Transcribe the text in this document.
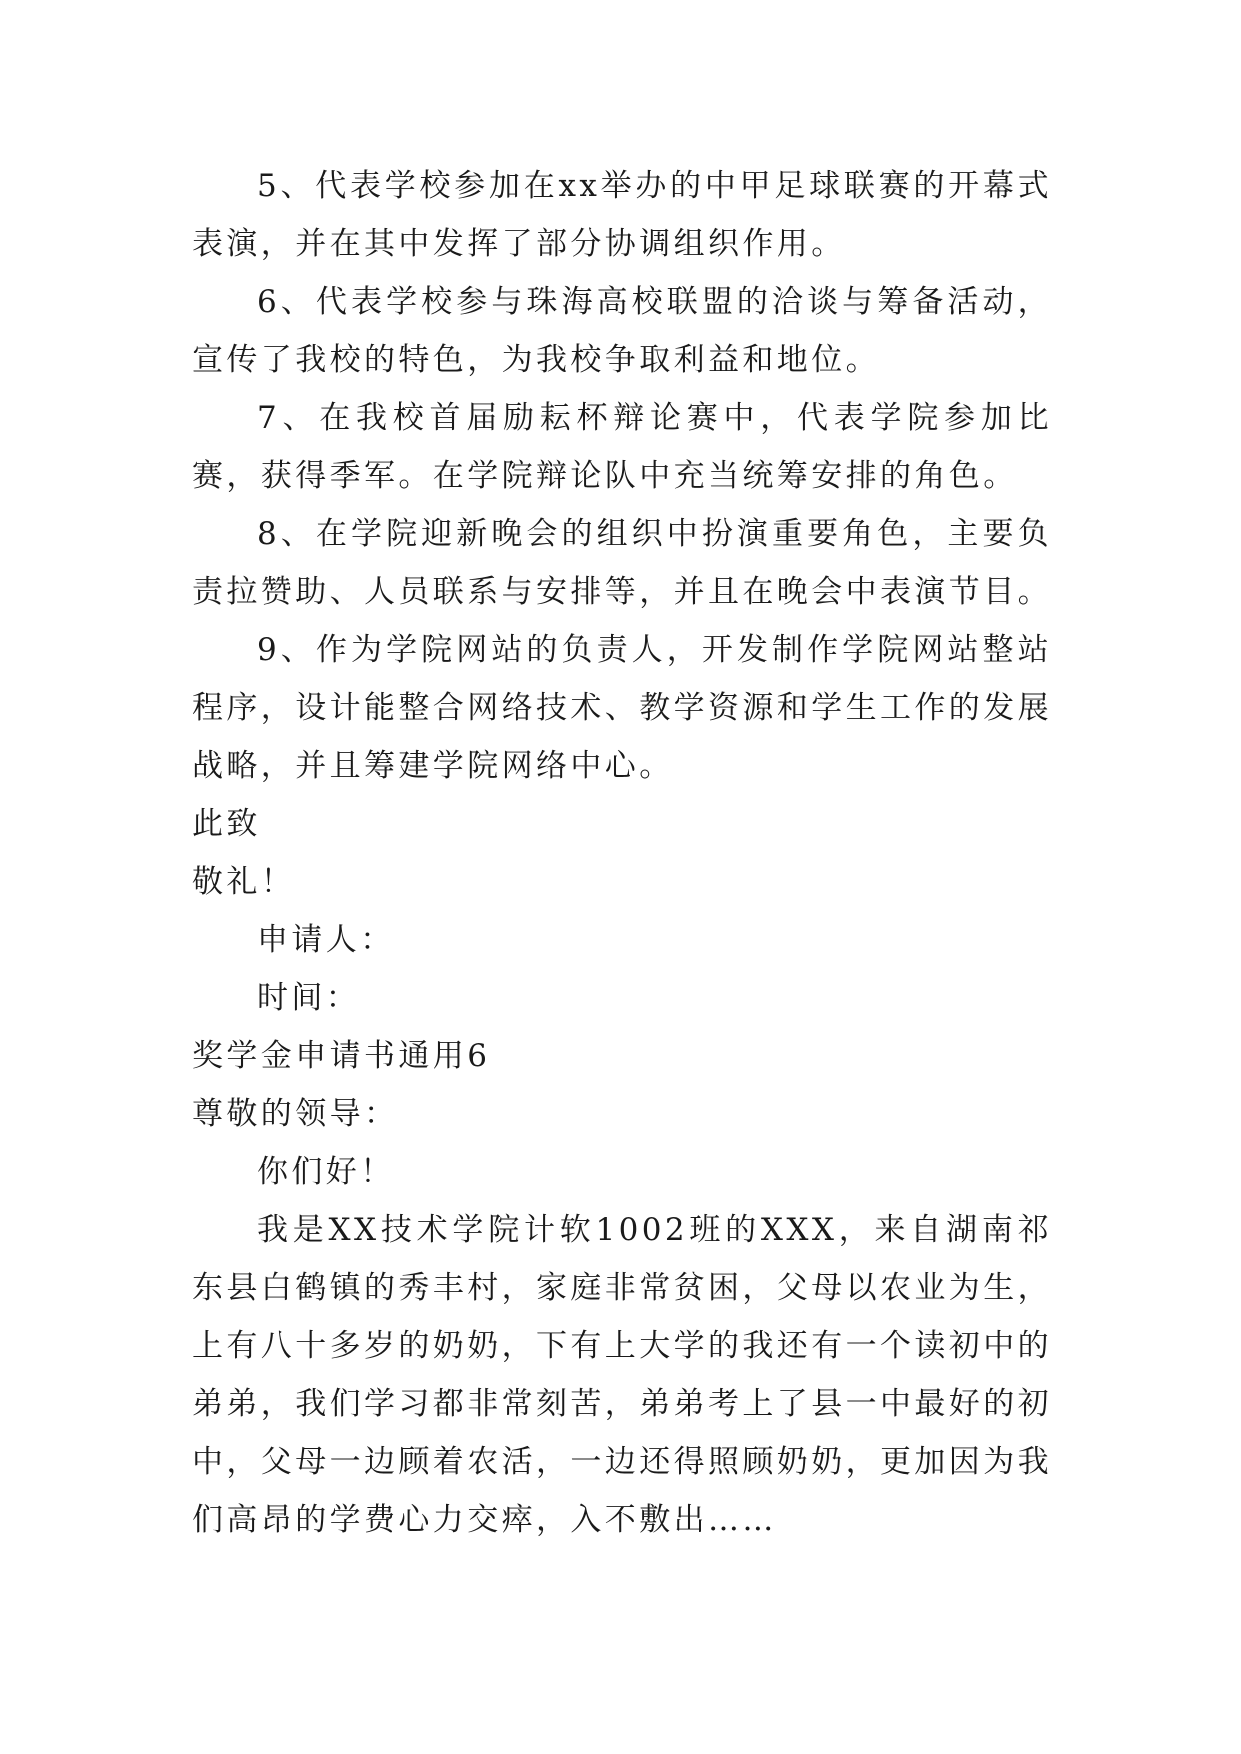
5、代表学校参加在xx举办的中甲足球联赛的开幕式表演，并在其中发挥了部分协调组织作用。

6、代表学校参与珠海高校联盟的洽谈与筹备活动，宣传了我校的特色，为我校争取利益和地位。

7、在我校首届励耘杯辩论赛中，代表学院参加比赛，获得季军。在学院辩论队中充当统筹安排的角色。

8、在学院迎新晚会的组织中扮演重要角色，主要负责拉赞助、人员联系与安排等，并且在晚会中表演节目。

9、作为学院网站的负责人，开发制作学院网站整站程序，设计能整合网络技术、教学资源和学生工作的发展战略，并且筹建学院网络中心。

此致

敬礼！

申请人：

时间：

奖学金申请书通用6

尊敬的领导：

你们好！

我是XX技术学院计软1002班的XXX，来自湖南祁东县白鹤镇的秀丰村，家庭非常贫困，父母以农业为生，上有八十多岁的奶奶，下有上大学的我还有一个读初中的弟弟，我们学习都非常刻苦，弟弟考上了县一中最好的初中，父母一边顾着农活，一边还得照顾奶奶，更加因为我们高昂的学费心力交瘁，入不敷出……
